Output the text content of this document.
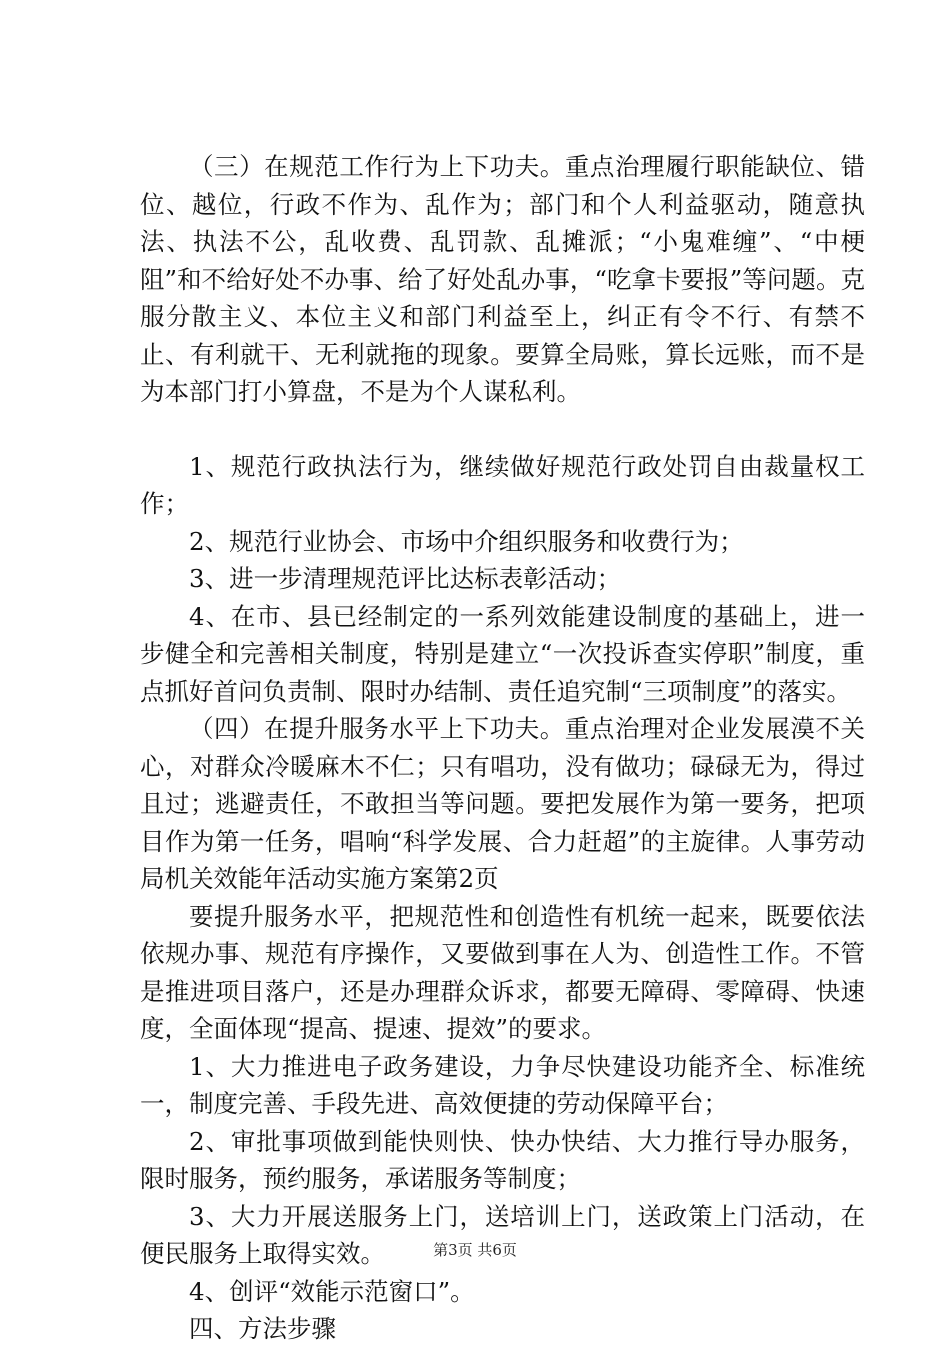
（三）在规范工作行为上下功夫。重点治理履行职能缺位、错位、越位，行政不作为、乱作为；部门和个人利益驱动，随意执法、执法不公，乱收费、乱罚款、乱摊派；“小鬼难缠”、“中梗阻”和不给好处不办事、给了好处乱办事，“吃拿卡要报”等问题。克服分散主义、本位主义和部门利益至上，纠正有令不行、有禁不止、有利就干、无利就拖的现象。要算全局账，算长远账，而不是为本部门打小算盘，不是为个人谋私利。

1、规范行政执法行为，继续做好规范行政处罚自由裁量权工作；

2、规范行业协会、市场中介组织服务和收费行为；

3、进一步清理规范评比达标表彰活动；

4、在市、县已经制定的一系列效能建设制度的基础上，进一步健全和完善相关制度，特别是建立“一次投诉查实停职”制度，重点抓好首问负责制、限时办结制、责任追究制“三项制度”的落实。

（四）在提升服务水平上下功夫。重点治理对企业发展漠不关心，对群众冷暖麻木不仁；只有唱功，没有做功；碌碌无为，得过且过；逃避责任，不敢担当等问题。要把发展作为第一要务，把项目作为第一任务，唱响“科学发展、合力赶超”的主旋律。人事劳动局机关效能年活动实施方案第2页

要提升服务水平，把规范性和创造性有机统一起来，既要依法依规办事、规范有序操作，又要做到事在人为、创造性工作。不管是推进项目落户，还是办理群众诉求，都要无障碍、零障碍、快速度，全面体现“提高、提速、提效”的要求。

1、大力推进电子政务建设，力争尽快建设功能齐全、标准统一，制度完善、手段先进、高效便捷的劳动保障平台；

2、审批事项做到能快则快、快办快结、大力推行导办服务，限时服务，预约服务，承诺服务等制度；

3、大力开展送服务上门，送培训上门，送政策上门活动，在便民服务上取得实效。

4、创评“效能示范窗口”。

四、方法步骤

第3页 共6页
